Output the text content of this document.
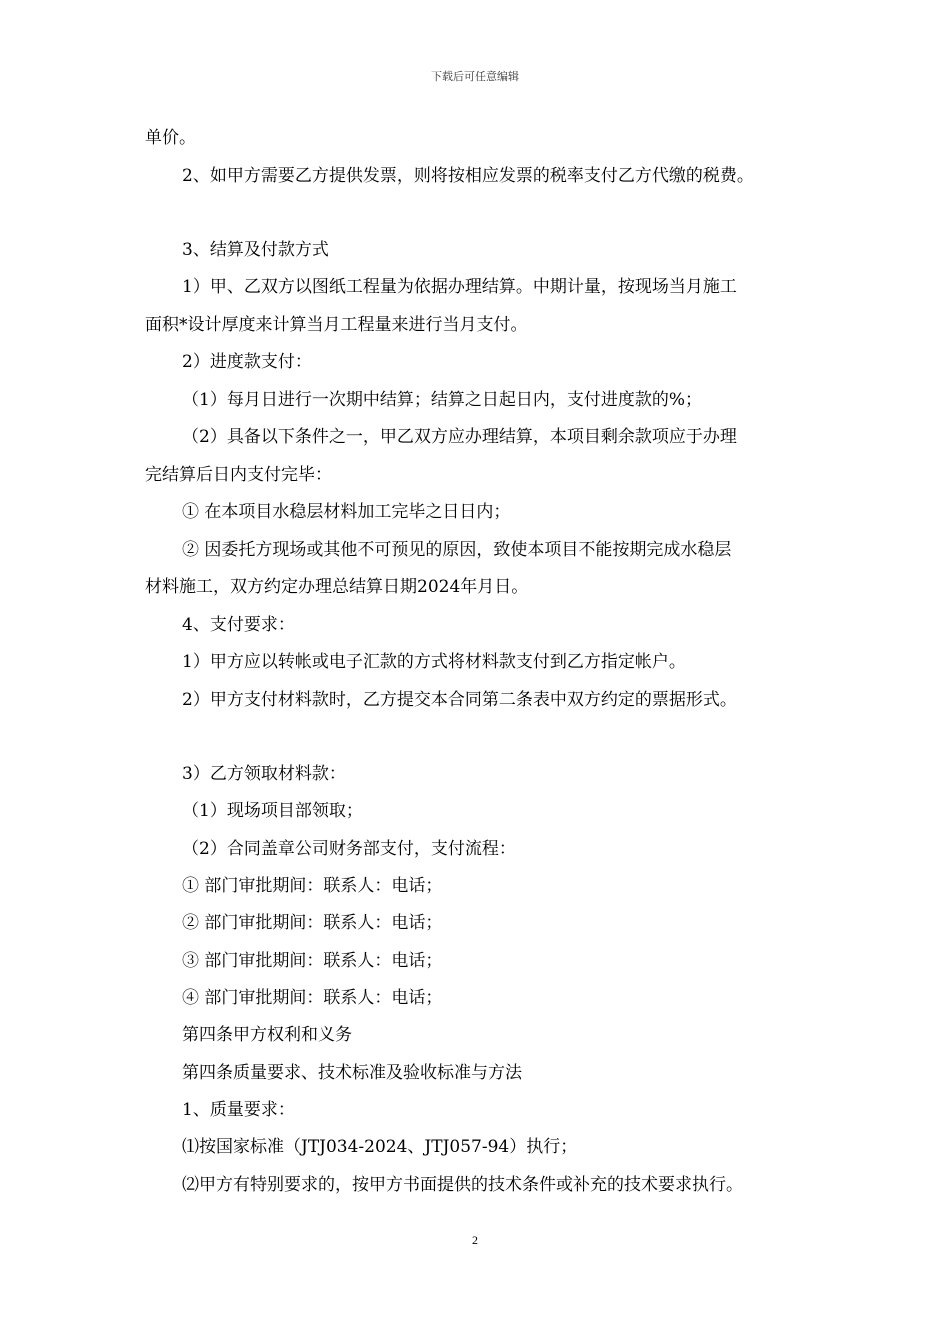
下载后可任意编辑
单价。
2、如甲方需要乙方提供发票，则将按相应发票的税率支付乙方代缴的税费。
3、结算及付款方式
1）甲、乙双方以图纸工程量为依据办理结算。中期计量，按现场当月施工
面积*设计厚度来计算当月工程量来进行当月支付。
2）进度款支付：
（1）每月日进行一次期中结算；结算之日起日内，支付进度款的%；
（2）具备以下条件之一，甲乙双方应办理结算，本项目剩余款项应于办理
完结算后日内支付完毕：
① 在本项目水稳层材料加工完毕之日日内；
② 因委托方现场或其他不可预见的原因，致使本项目不能按期完成水稳层
材料施工，双方约定办理总结算日期2024年月日。
4、支付要求：
1）甲方应以转帐或电子汇款的方式将材料款支付到乙方指定帐户。
2）甲方支付材料款时，乙方提交本合同第二条表中双方约定的票据形式。
3）乙方领取材料款：
（1）现场项目部领取；
（2）合同盖章公司财务部支付，支付流程：
① 部门审批期间：联系人：电话；
② 部门审批期间：联系人：电话；
③ 部门审批期间：联系人：电话；
④ 部门审批期间：联系人：电话；
第四条甲方权利和义务
第四条质量要求、技术标准及验收标准与方法
1、质量要求：
⑴按国家标准（JTJ034-2024、JTJ057-94）执行；
⑵甲方有特别要求的，按甲方书面提供的技术条件或补充的技术要求执行。
2
